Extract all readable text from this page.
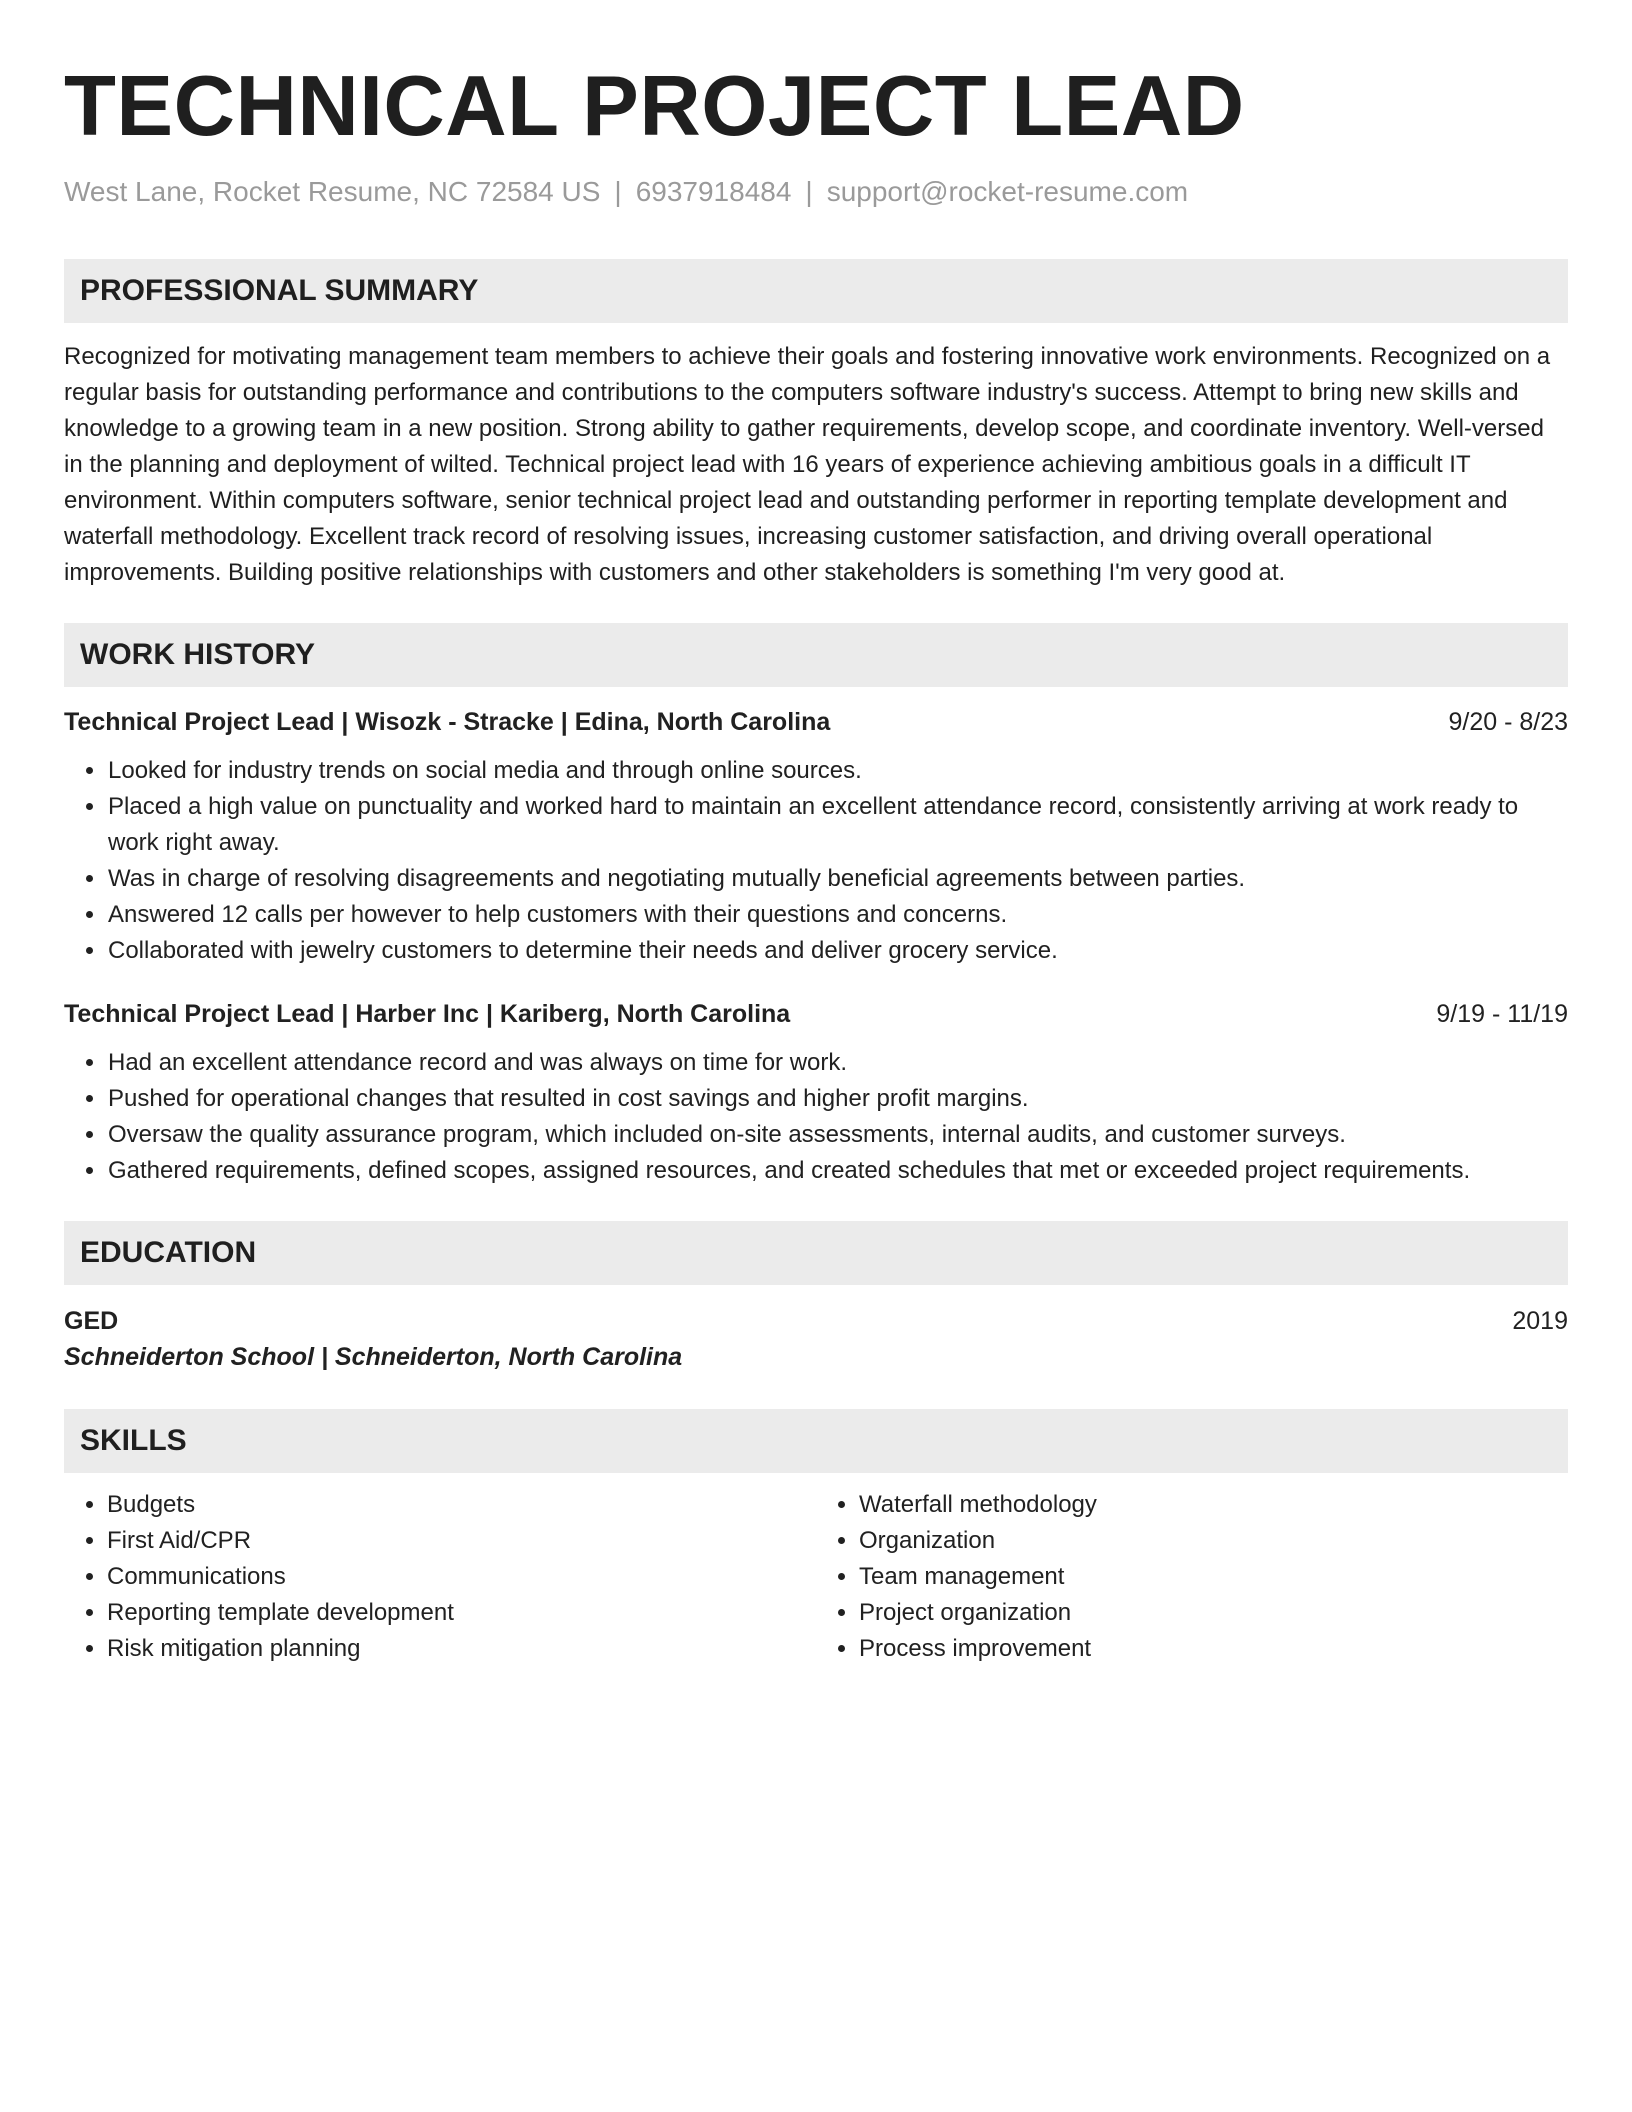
TECHNICAL PROJECT LEAD
West Lane, Rocket Resume, NC 72584 US | 6937918484 | support@rocket-resume.com
PROFESSIONAL SUMMARY
Recognized for motivating management team members to achieve their goals and fostering innovative work environments. Recognized on a regular basis for outstanding performance and contributions to the computers software industry's success. Attempt to bring new skills and knowledge to a growing team in a new position. Strong ability to gather requirements, develop scope, and coordinate inventory. Well-versed in the planning and deployment of wilted. Technical project lead with 16 years of experience achieving ambitious goals in a difficult IT environment. Within computers software, senior technical project lead and outstanding performer in reporting template development and waterfall methodology. Excellent track record of resolving issues, increasing customer satisfaction, and driving overall operational improvements. Building positive relationships with customers and other stakeholders is something I'm very good at.
WORK HISTORY
Technical Project Lead | Wisozk - Stracke | Edina, North Carolina	9/20 - 8/23
• Looked for industry trends on social media and through online sources.
• Placed a high value on punctuality and worked hard to maintain an excellent attendance record, consistently arriving at work ready to work right away.
• Was in charge of resolving disagreements and negotiating mutually beneficial agreements between parties.
• Answered 12 calls per however to help customers with their questions and concerns.
• Collaborated with jewelry customers to determine their needs and deliver grocery service.
Technical Project Lead | Harber Inc | Kariberg, North Carolina	9/19 - 11/19
• Had an excellent attendance record and was always on time for work.
• Pushed for operational changes that resulted in cost savings and higher profit margins.
• Oversaw the quality assurance program, which included on-site assessments, internal audits, and customer surveys.
• Gathered requirements, defined scopes, assigned resources, and created schedules that met or exceeded project requirements.
EDUCATION
GED	2019
Schneiderton School | Schneiderton, North Carolina
SKILLS
• Budgets
• First Aid/CPR
• Communications
• Reporting template development
• Risk mitigation planning
• Waterfall methodology
• Organization
• Team management
• Project organization
• Process improvement
